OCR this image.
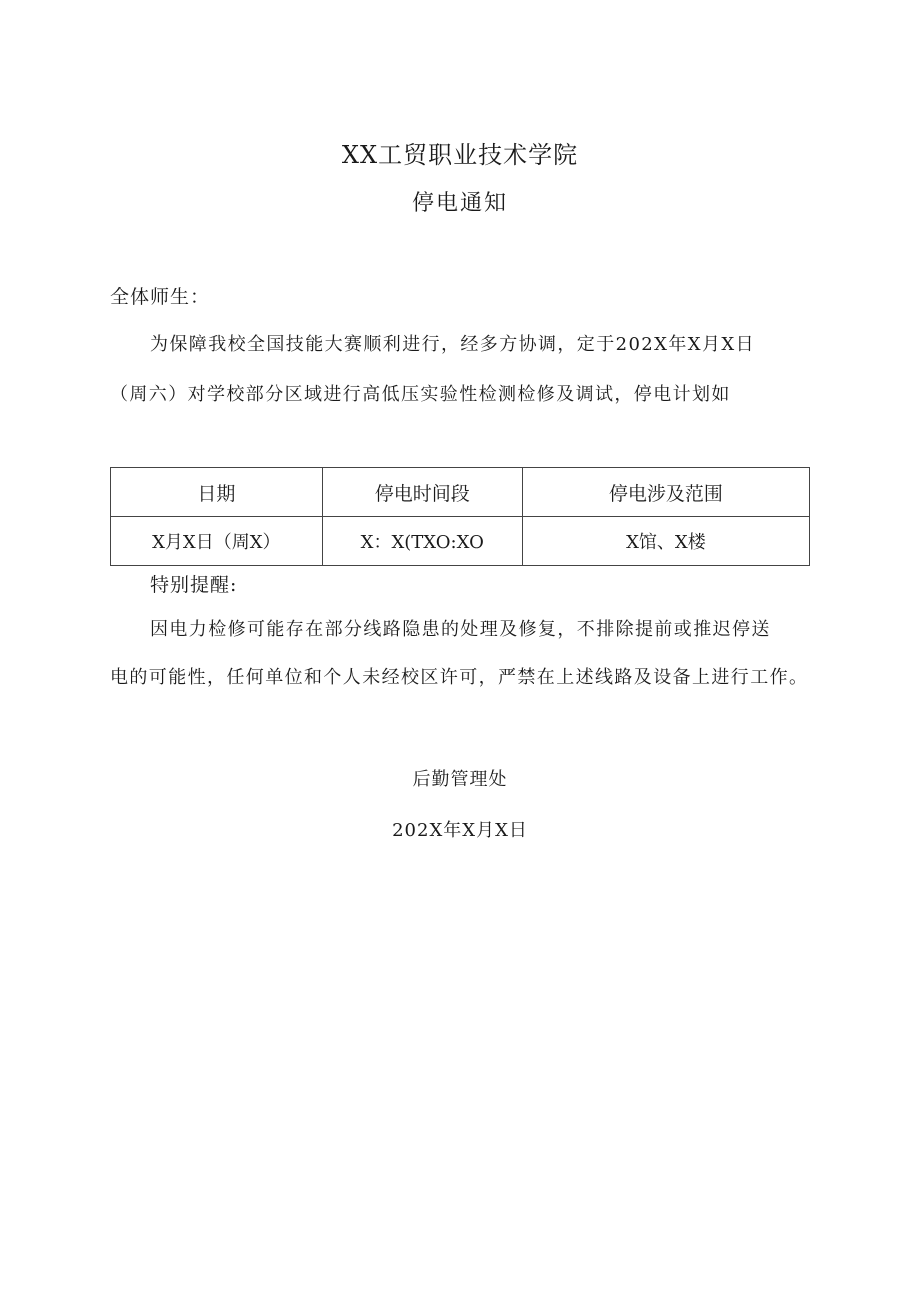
XX工贸职业技术学院
停电通知
全体师生：
为保障我校全国技能大赛顺利进行，经多方协调，定于202X年X月X日
（周六）对学校部分区域进行高低压实验性检测检修及调试，停电计划如
日期	停电时间段	停电涉及范围
X月X日（周X）	X：X(TXO:XO	X馆、X楼
特别提醒:
因电力检修可能存在部分线路隐患的处理及修复，不排除提前或推迟停送
电的可能性，任何单位和个人未经校区许可，严禁在上述线路及设备上进行工作。
后勤管理处
202X年X月X日
